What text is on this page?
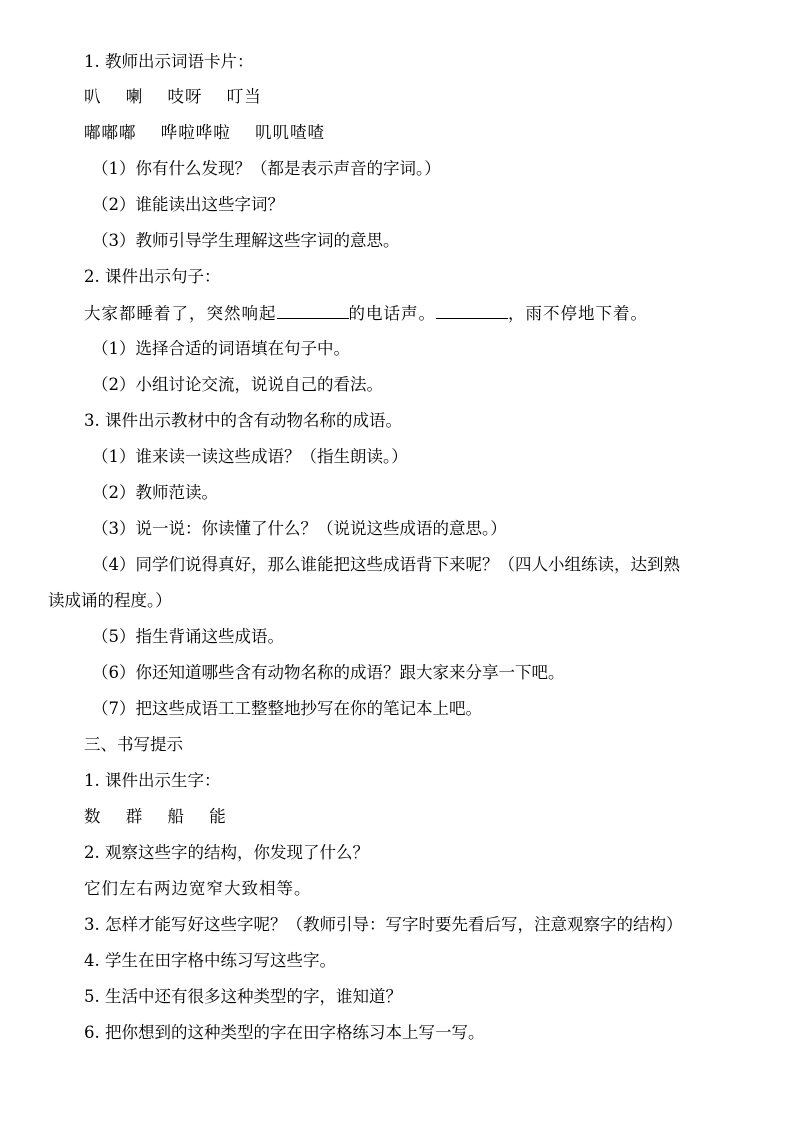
1. 教师出示词语卡片：
叭 喇 吱呀 叮当
嘟嘟嘟 哗啦哗啦 叽叽喳喳
（1）你有什么发现？（都是表示声音的字词。）
（2）谁能读出这些字词？
（3）教师引导学生理解这些字词的意思。
2. 课件出示句子：
大家都睡着了，突然响起	的电话声。	，雨不停地下着。
（1）选择合适的词语填在句子中。
（2）小组讨论交流，说说自己的看法。
3. 课件出示教材中的含有动物名称的成语。
（1）谁来读一读这些成语？（指生朗读。）
（2）教师范读。
（3）说一说：你读懂了什么？（说说这些成语的意思。）
（4）同学们说得真好，那么谁能把这些成语背下来呢？（四人小组练读，达到熟
读成诵的程度。）
（5）指生背诵这些成语。
（6）你还知道哪些含有动物名称的成语？跟大家来分享一下吧。
（7）把这些成语工工整整地抄写在你的笔记本上吧。
三、书写提示
1. 课件出示生字：
数 群 船 能
2. 观察这些字的结构，你发现了什么？
它们左右两边宽窄大致相等。
3. 怎样才能写好这些字呢？（教师引导：写字时要先看后写，注意观察字的结构）
4. 学生在田字格中练习写这些字。
5. 生活中还有很多这种类型的字，谁知道？
6. 把你想到的这种类型的字在田字格练习本上写一写。
